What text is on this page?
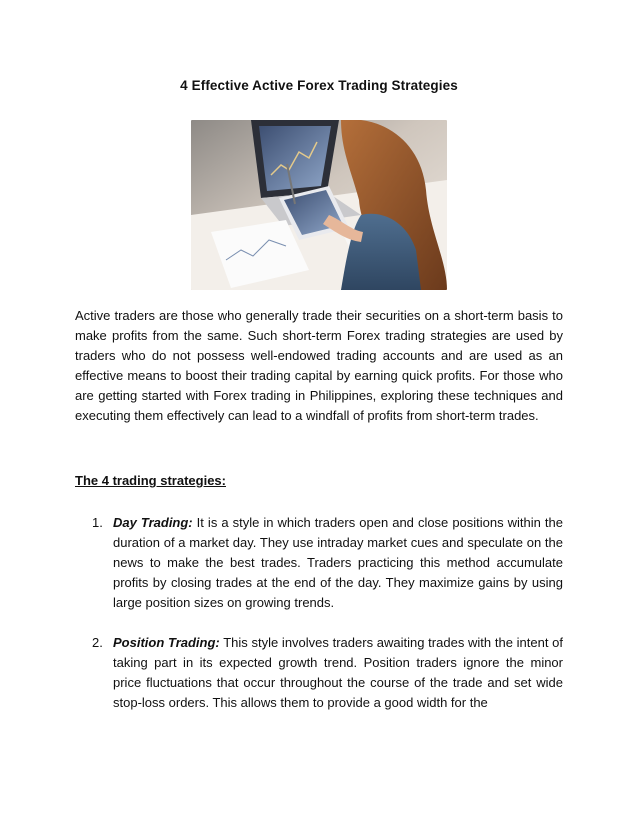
4 Effective Active Forex Trading Strategies

Active traders are those who generally trade their securities on a short-term basis to make profits from the same. Such short-term Forex trading strategies are used by traders who do not possess well-endowed trading accounts and are used as an effective means to boost their trading capital by earning quick profits. For those who are getting started with Forex trading in Philippines, exploring these techniques and executing them effectively can lead to a windfall of profits from short-term trades.

The 4 trading strategies:

1. Day Trading: It is a style in which traders open and close positions within the duration of a market day. They use intraday market cues and speculate on the news to make the best trades. Traders practicing this method accumulate profits by closing trades at the end of the day. They maximize gains by using large position sizes on growing trends.
2. Position Trading: This style involves traders awaiting trades with the intent of taking part in its expected growth trend. Position traders ignore the minor price fluctuations that occur throughout the course of the trade and set wide stop-loss orders. This allows them to provide a good width for the
